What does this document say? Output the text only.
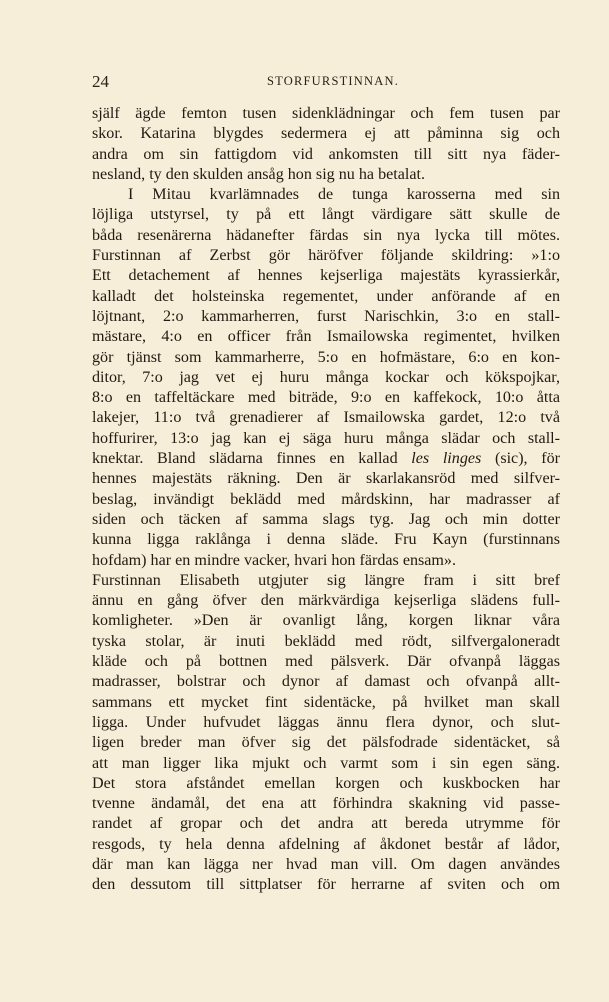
24	STORFURSTINNAN.
själf ägde femton tusen sidenklädningar och fem tusen par
skor. Katarina blygdes sedermera ej att påminna sig och
andra om sin fattigdom vid ankomsten till sitt nya fäder-
nesland, ty den skulden ansåg hon sig nu ha betalat.
I Mitau kvarlämnades de tunga karosserna med sin
löjliga utstyrsel, ty på ett långt värdigare sätt skulle de
båda resenärerna hädanefter färdas sin nya lycka till mötes.
Furstinnan af Zerbst gör häröfver följande skildring: »1:o
Ett detachement af hennes kejserliga majestäts kyrassierkår,
kalladt det holsteinska regementet, under anförande af en
löjtnant, 2:o kammarherren, furst Narischkin, 3:o en stall-
mästare, 4:o en officer från Ismailowska regimentet, hvilken
gör tjänst som kammarherre, 5:o en hofmästare, 6:o en kon-
ditor, 7:o jag vet ej huru många kockar och kökspojkar,
8:o en taffeltäckare med biträde, 9:o en kaffekock, 10:o åtta
lakejer, 11:o två grenadierer af Ismailowska gardet, 12:o två
hoffurirer, 13:o jag kan ej säga huru många slädar och stall-
knektar. Bland slädarna finnes en kallad les linges (sic), för
hennes majestäts räkning. Den är skarlakansröd med silfver-
beslag, invändigt beklädd med mårdskinn, har madrasser af
siden och täcken af samma slags tyg. Jag och min dotter
kunna ligga raklånga i denna släde. Fru Kayn (furstinnans
hofdam) har en mindre vacker, hvari hon färdas ensam».
Furstinnan Elisabeth utgjuter sig längre fram i sitt bref
ännu en gång öfver den märkvärdiga kejserliga slädens full-
komligheter. »Den är ovanligt lång, korgen liknar våra
tyska stolar, är inuti beklädd med rödt, silfvergaloneradt
kläde och på bottnen med pälsverk. Där ofvanpå läggas
madrasser, bolstrar och dynor af damast och ofvanpå allt-
sammans ett mycket fint sidentäcke, på hvilket man skall
ligga. Under hufvudet läggas ännu flera dynor, och slut-
ligen breder man öfver sig det pälsfodrade sidentäcket, så
att man ligger lika mjukt och varmt som i sin egen säng.
Det stora afståndet emellan korgen och kuskbocken har
tvenne ändamål, det ena att förhindra skakning vid passe-
randet af gropar och det andra att bereda utrymme för
resgods, ty hela denna afdelning af åkdonet består af lådor,
där man kan lägga ner hvad man vill. Om dagen användes
den dessutom till sittplatser för herrarne af sviten och om
